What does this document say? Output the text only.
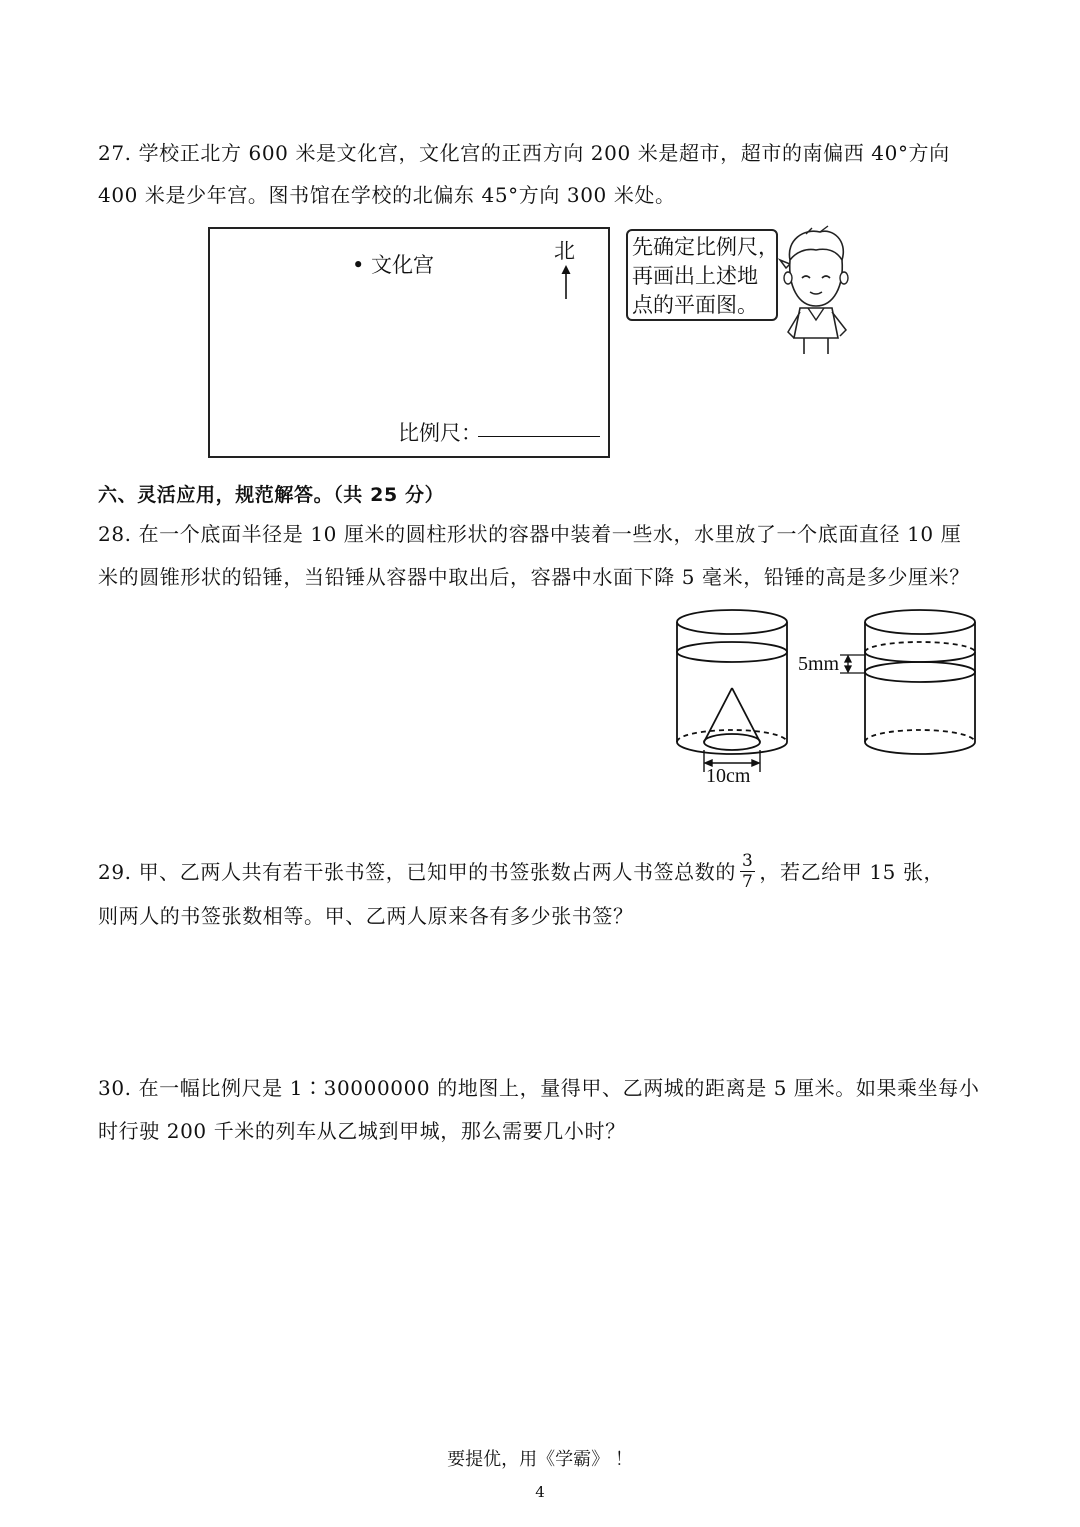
27. 学校正北方 600 米是文化宫，文化宫的正西方向 200 米是超市，超市的南偏西 40°方向
400 米是少年宫。图书馆在学校的北偏东 45°方向 300 米处。
• 文化宫
北
比例尺：
先确定比例尺，
再画出上述地
点的平面图。
六、灵活应用，规范解答。（共 25 分）
28. 在一个底面半径是 10 厘米的圆柱形状的容器中装着一些水，水里放了一个底面直径 10 厘
米的圆锥形状的铅锤，当铅锤从容器中取出后，容器中水面下降 5 毫米，铅锤的高是多少厘米？
10cm
5mm
29. 甲、乙两人共有若干张书签，已知甲的书签张数占两人书签总数的 $\frac{3}{7}$ ，若乙给甲 15 张，
则两人的书签张数相等。甲、乙两人原来各有多少张书签？
30. 在一幅比例尺是 1∶30000000 的地图上，量得甲、乙两城的距离是 5 厘米。如果乘坐每小
时行驶 200 千米的列车从乙城到甲城，那么需要几小时？
要提优，用《学霸》 ！
4
